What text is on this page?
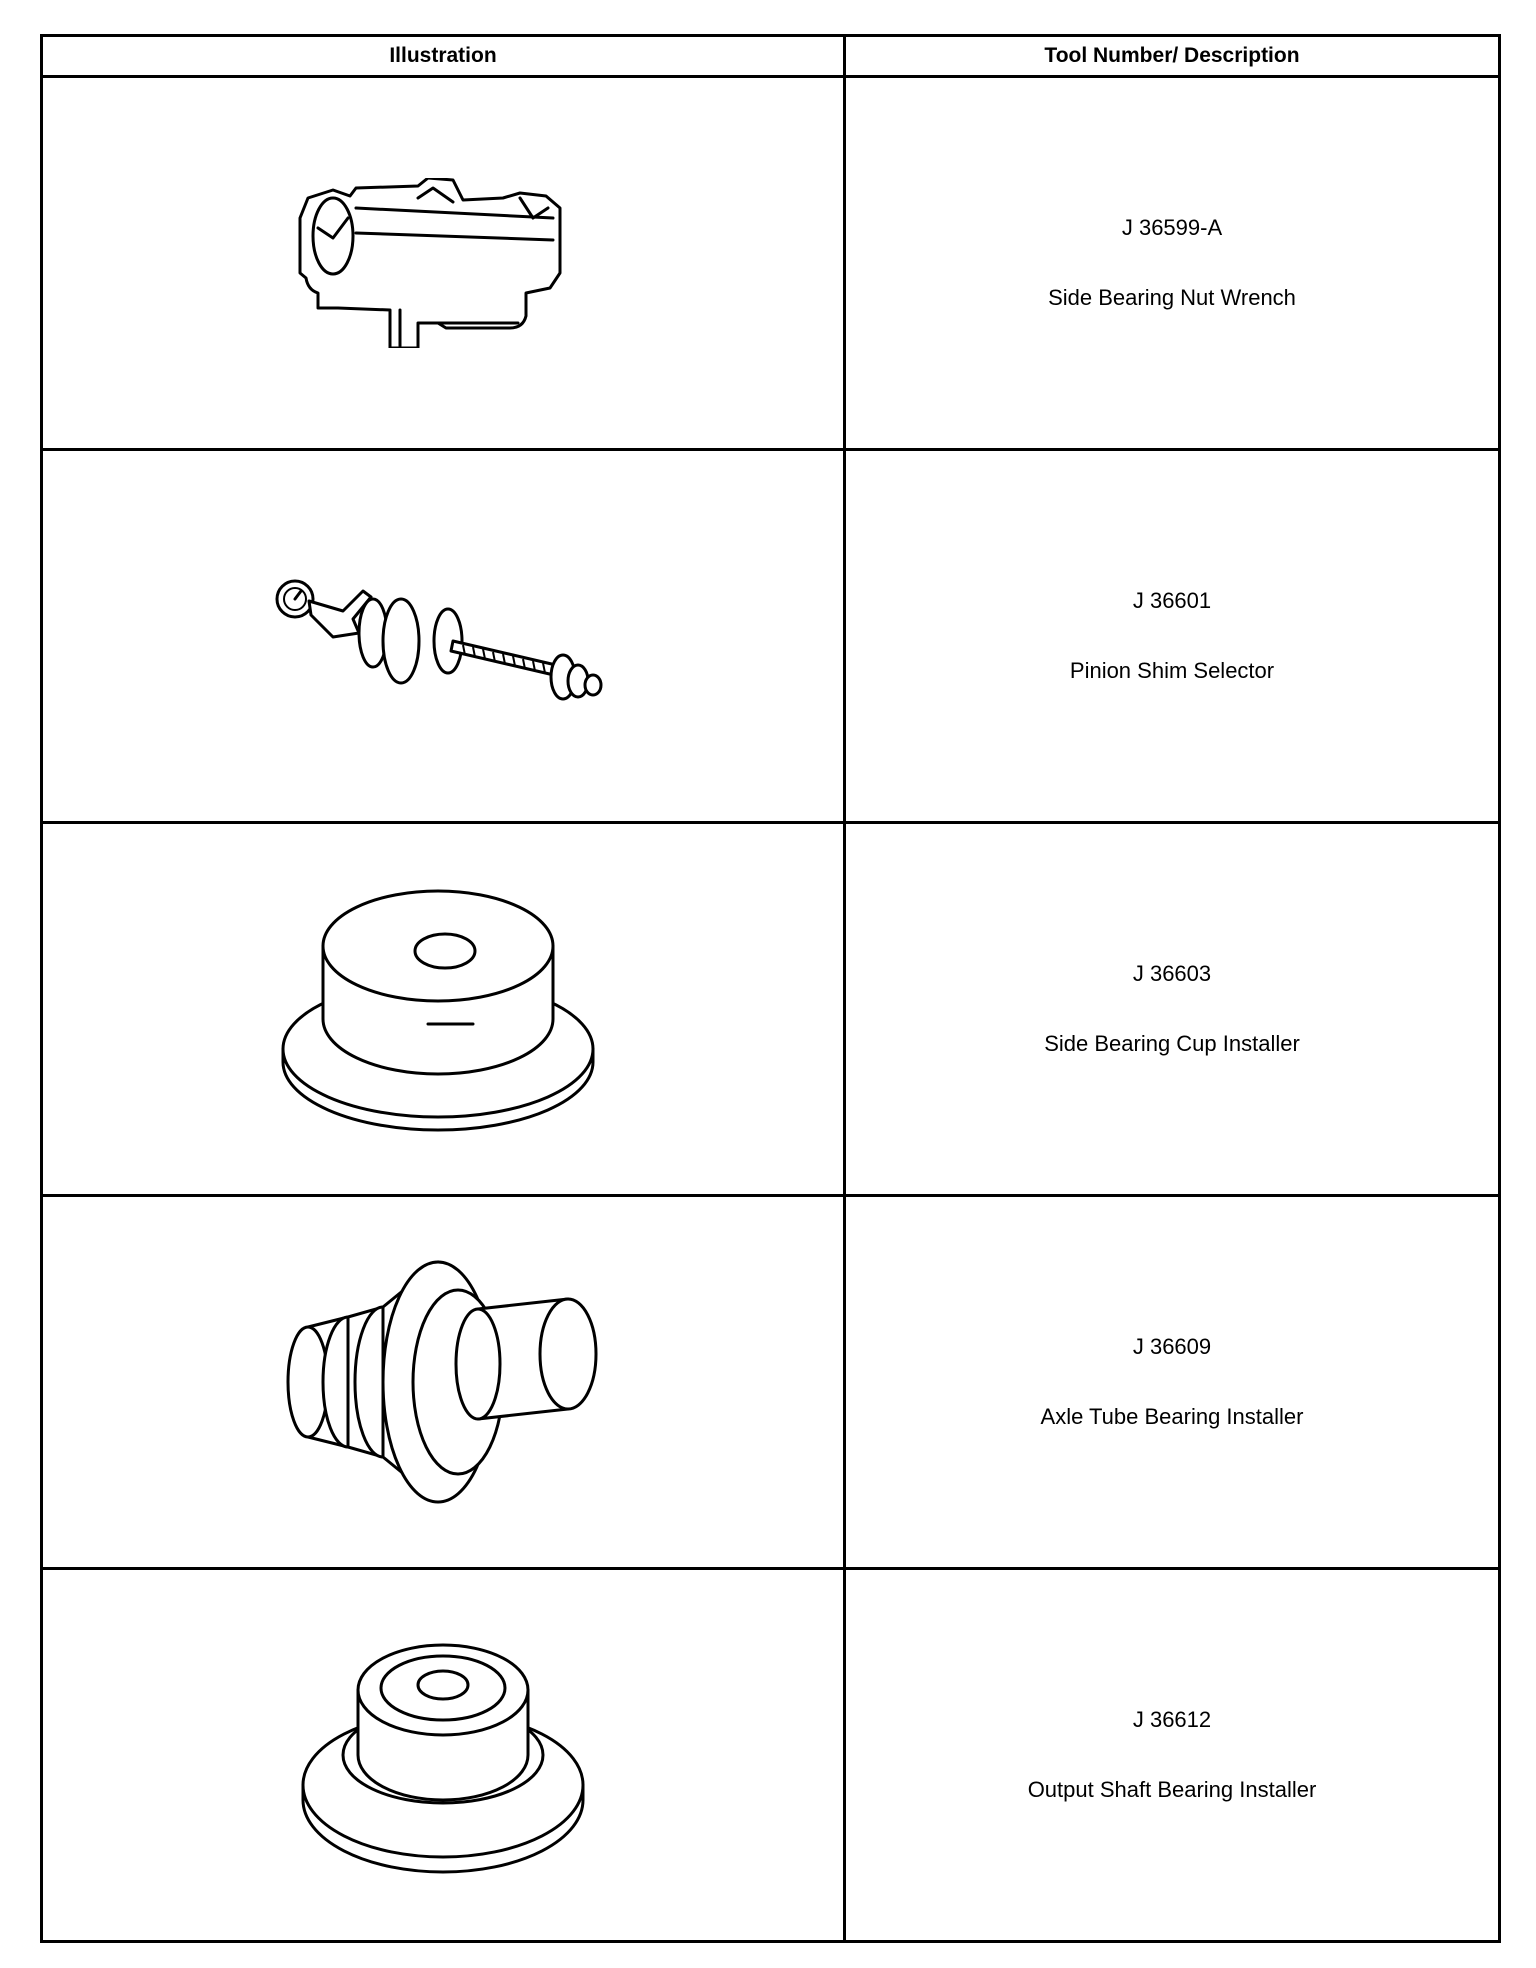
Illustration	Tool Number/ Description

J 36599-A
Side Bearing Nut Wrench

J 36601
Pinion Shim Selector

J 36603
Side Bearing Cup Installer

J 36609
Axle Tube Bearing Installer

J 36612
Output Shaft Bearing Installer
